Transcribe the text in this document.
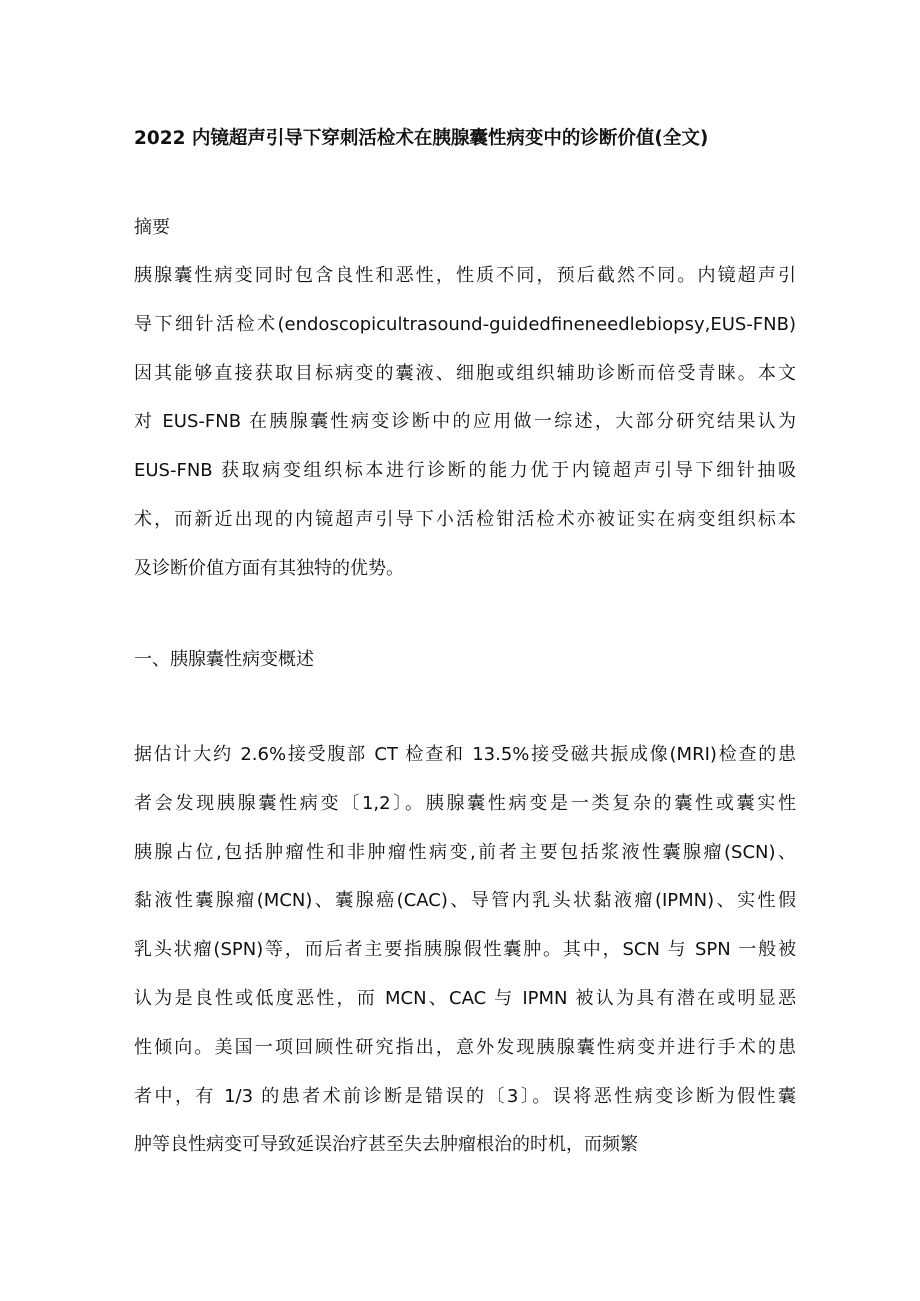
2022 内镜超声引导下穿刺活检术在胰腺囊性病变中的诊断价值(全文)
摘要
胰腺囊性病变同时包含良性和恶性，性质不同，预后截然不同。内镜超声引
导下细针活检术(endoscopicultrasound-guidedfineneedlebiopsy,EUS-FNB)
因其能够直接获取目标病变的囊液、细胞或组织辅助诊断而倍受青睐。本文
对 EUS-FNB 在胰腺囊性病变诊断中的应用做一综述，大部分研究结果认为
EUS-FNB 获取病变组织标本进行诊断的能力优于内镜超声引导下细针抽吸
术，而新近出现的内镜超声引导下小活检钳活检术亦被证实在病变组织标本
及诊断价值方面有其独特的优势。
一、胰腺囊性病变概述
据估计大约 2.6%接受腹部 CT 检查和 13.5%接受磁共振成像(MRI)检查的患
者会发现胰腺囊性病变〔1,2〕。胰腺囊性病变是一类复杂的囊性或囊实性
胰腺占位,包括肿瘤性和非肿瘤性病变,前者主要包括浆液性囊腺瘤(SCN)、
黏液性囊腺瘤(MCN)、囊腺癌(CAC)、导管内乳头状黏液瘤(IPMN)、实性假
乳头状瘤(SPN)等，而后者主要指胰腺假性囊肿。其中，SCN 与 SPN 一般被
认为是良性或低度恶性，而 MCN、CAC 与 IPMN 被认为具有潜在或明显恶
性倾向。美国一项回顾性研究指出，意外发现胰腺囊性病变并进行手术的患
者中，有 1/3 的患者术前诊断是错误的〔3〕。误将恶性病变诊断为假性囊
肿等良性病变可导致延误治疗甚至失去肿瘤根治的时机，而频繁
